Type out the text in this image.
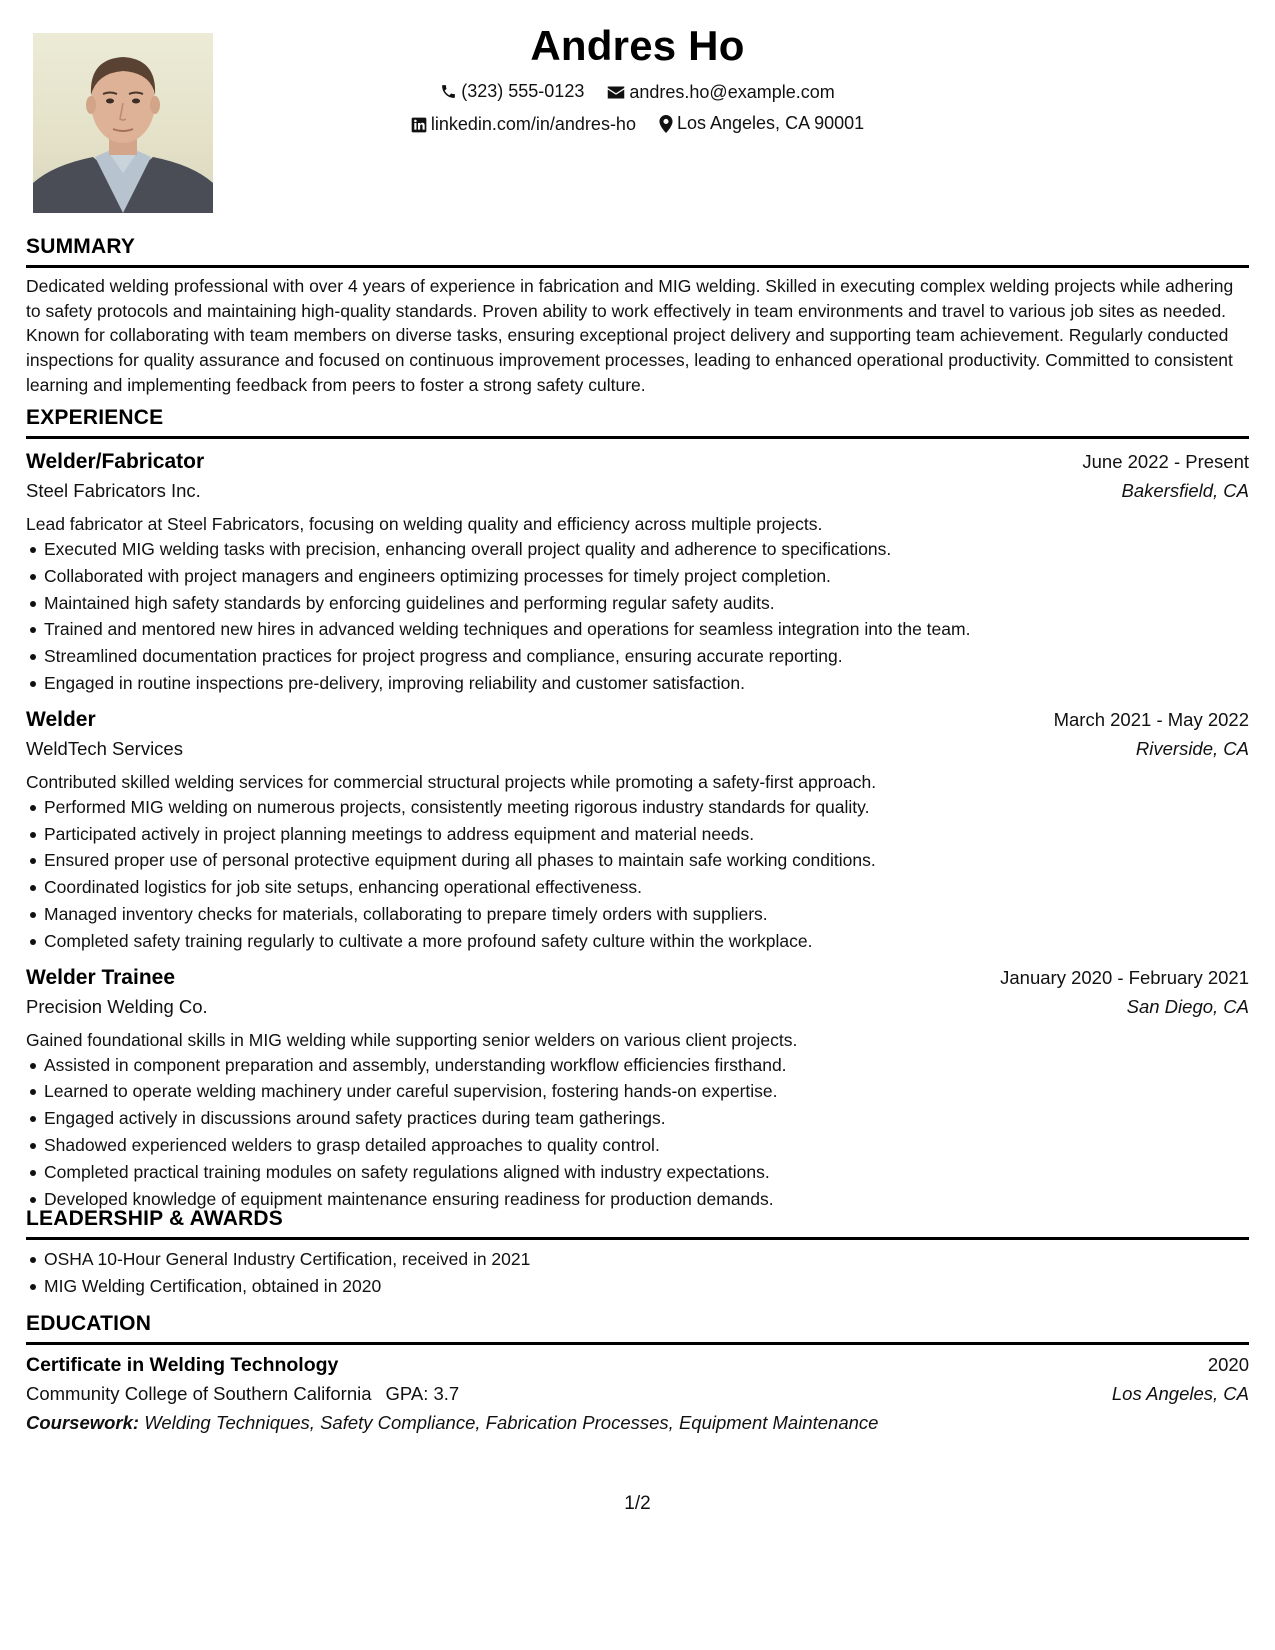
Andres Ho
(323) 555-0123
	andres.ho@example.com
linkedin.com/in/andres-ho
Los Angeles, CA 90001
SUMMARY
Dedicated welding professional with over 4 years of experience in fabrication and MIG welding. Skilled in executing complex welding projects while adhering to safety protocols and maintaining high-quality standards. Proven ability to work effectively in team environments and travel to various job sites as needed. Known for collaborating with team members on diverse tasks, ensuring exceptional project delivery and supporting team achievement. Regularly conducted inspections for quality assurance and focused on continuous improvement processes, leading to enhanced operational productivity. Committed to consistent learning and implementing feedback from peers to foster a strong safety culture.
EXPERIENCE
Welder/Fabricator	June 2022 - Present
Steel Fabricators Inc.	Bakersfield, CA
Lead fabricator at Steel Fabricators, focusing on welding quality and efficiency across multiple projects.
Executed MIG welding tasks with precision, enhancing overall project quality and adherence to specifications.
Collaborated with project managers and engineers optimizing processes for timely project completion.
Maintained high safety standards by enforcing guidelines and performing regular safety audits.
Trained and mentored new hires in advanced welding techniques and operations for seamless integration into the team.
Streamlined documentation practices for project progress and compliance, ensuring accurate reporting.
Engaged in routine inspections pre-delivery, improving reliability and customer satisfaction.
Welder	March 2021 - May 2022
WeldTech Services	Riverside, CA
Contributed skilled welding services for commercial structural projects while promoting a safety-first approach.
Performed MIG welding on numerous projects, consistently meeting rigorous industry standards for quality.
Participated actively in project planning meetings to address equipment and material needs.
Ensured proper use of personal protective equipment during all phases to maintain safe working conditions.
Coordinated logistics for job site setups, enhancing operational effectiveness.
Managed inventory checks for materials, collaborating to prepare timely orders with suppliers.
Completed safety training regularly to cultivate a more profound safety culture within the workplace.
Welder Trainee	January 2020 - February 2021
Precision Welding Co.	San Diego, CA
Gained foundational skills in MIG welding while supporting senior welders on various client projects.
Assisted in component preparation and assembly, understanding workflow efficiencies firsthand.
Learned to operate welding machinery under careful supervision, fostering hands-on expertise.
Engaged actively in discussions around safety practices during team gatherings.
Shadowed experienced welders to grasp detailed approaches to quality control.
Completed practical training modules on safety regulations aligned with industry expectations.
Developed knowledge of equipment maintenance ensuring readiness for production demands.
LEADERSHIP & AWARDS
OSHA 10-Hour General Industry Certification, received in 2021
MIG Welding Certification, obtained in 2020
EDUCATION
Certificate in Welding Technology	2020
Community College of Southern California GPA: 3.7	Los Angeles, CA
Coursework: Welding Techniques, Safety Compliance, Fabrication Processes, Equipment Maintenance
1/2
